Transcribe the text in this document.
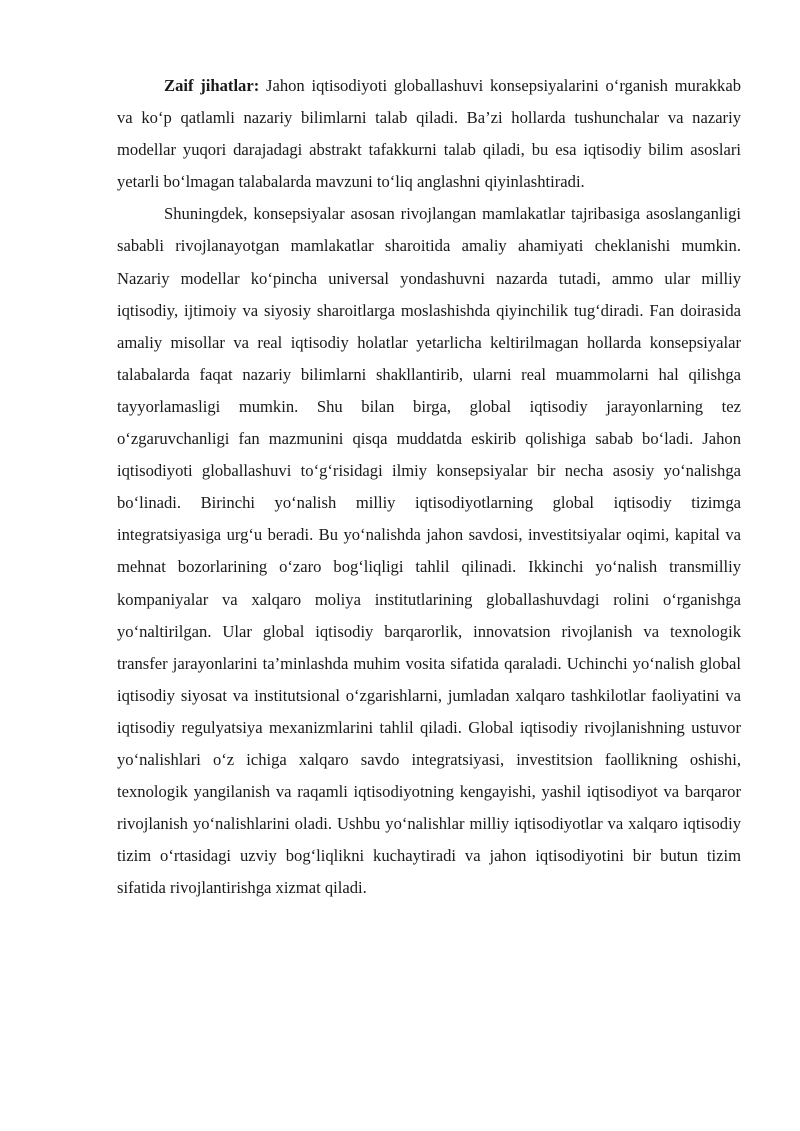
Zaif jihatlar: Jahon iqtisodiyoti globallashuvi konsepsiyalarini o‘rganish murakkab va ko‘p qatlamli nazariy bilimlarni talab qiladi. Ba’zi hollarda tushunchalar va nazariy modellar yuqori darajadagi abstrakt tafakkurni talab qiladi, bu esa iqtisodiy bilim asoslari yetarli bo‘lmagan talabalarda mavzuni to‘liq anglashni qiyinlashtiradi.

Shuningdek, konsepsiyalar asosan rivojlangan mamlakatlar tajribasiga asoslanganligi sababli rivojlanayotgan mamlakatlar sharoitida amaliy ahamiyati cheklanishi mumkin. Nazariy modellar ko‘pincha universal yondashuvni nazarda tutadi, ammo ular milliy iqtisodiy, ijtimoiy va siyosiy sharoitlarga moslashishda qiyinchilik tug‘diradi. Fan doirasida amaliy misollar va real iqtisodiy holatlar yetarlicha keltirilmagan hollarda konsepsiyalar talabalarda faqat nazariy bilimlarni shakllantirib, ularni real muammolarni hal qilishga tayyorlamasligi mumkin. Shu bilan birga, global iqtisodiy jarayonlarning tez o‘zgaruvchanligi fan mazmunini qisqa muddatda eskirib qolishiga sabab bo‘ladi. Jahon iqtisodiyoti globallashuvi to‘g‘risidagi ilmiy konsepsiyalar bir necha asosiy yo‘nalishga bo‘linadi. Birinchi yo‘nalish milliy iqtisodiyotlarning global iqtisodiy tizimga integratsiyasiga urg‘u beradi. Bu yo‘nalishda jahon savdosi, investitsiyalar oqimi, kapital va mehnat bozorlarining o‘zaro bog‘liqligi tahlil qilinadi. Ikkinchi yo‘nalish transmilliy kompaniyalar va xalqaro moliya institutlarining globallashuvdagi rolini o‘rganishga yo‘naltirilgan. Ular global iqtisodiy barqarorlik, innovatsion rivojlanish va texnologik transfer jarayonlarini ta’minlashda muhim vosita sifatida qaraladi. Uchinchi yo‘nalish global iqtisodiy siyosat va institutsional o‘zgarishlarni, jumladan xalqaro tashkilotlar faoliyatini va iqtisodiy regulyatsiya mexanizmlarini tahlil qiladi. Global iqtisodiy rivojlanishning ustuvor yo‘nalishlari o‘z ichiga xalqaro savdo integratsiyasi, investitsion faollikning oshishi, texnologik yangilanish va raqamli iqtisodiyotning kengayishi, yashil iqtisodiyot va barqaror rivojlanish yo‘nalishlarini oladi. Ushbu yo‘nalishlar milliy iqtisodiyotlar va xalqaro iqtisodiy tizim o‘rtasidagi uzviy bog‘liqlikni kuchaytiradi va jahon iqtisodiyotini bir butun tizim sifatida rivojlantirishga xizmat qiladi.
